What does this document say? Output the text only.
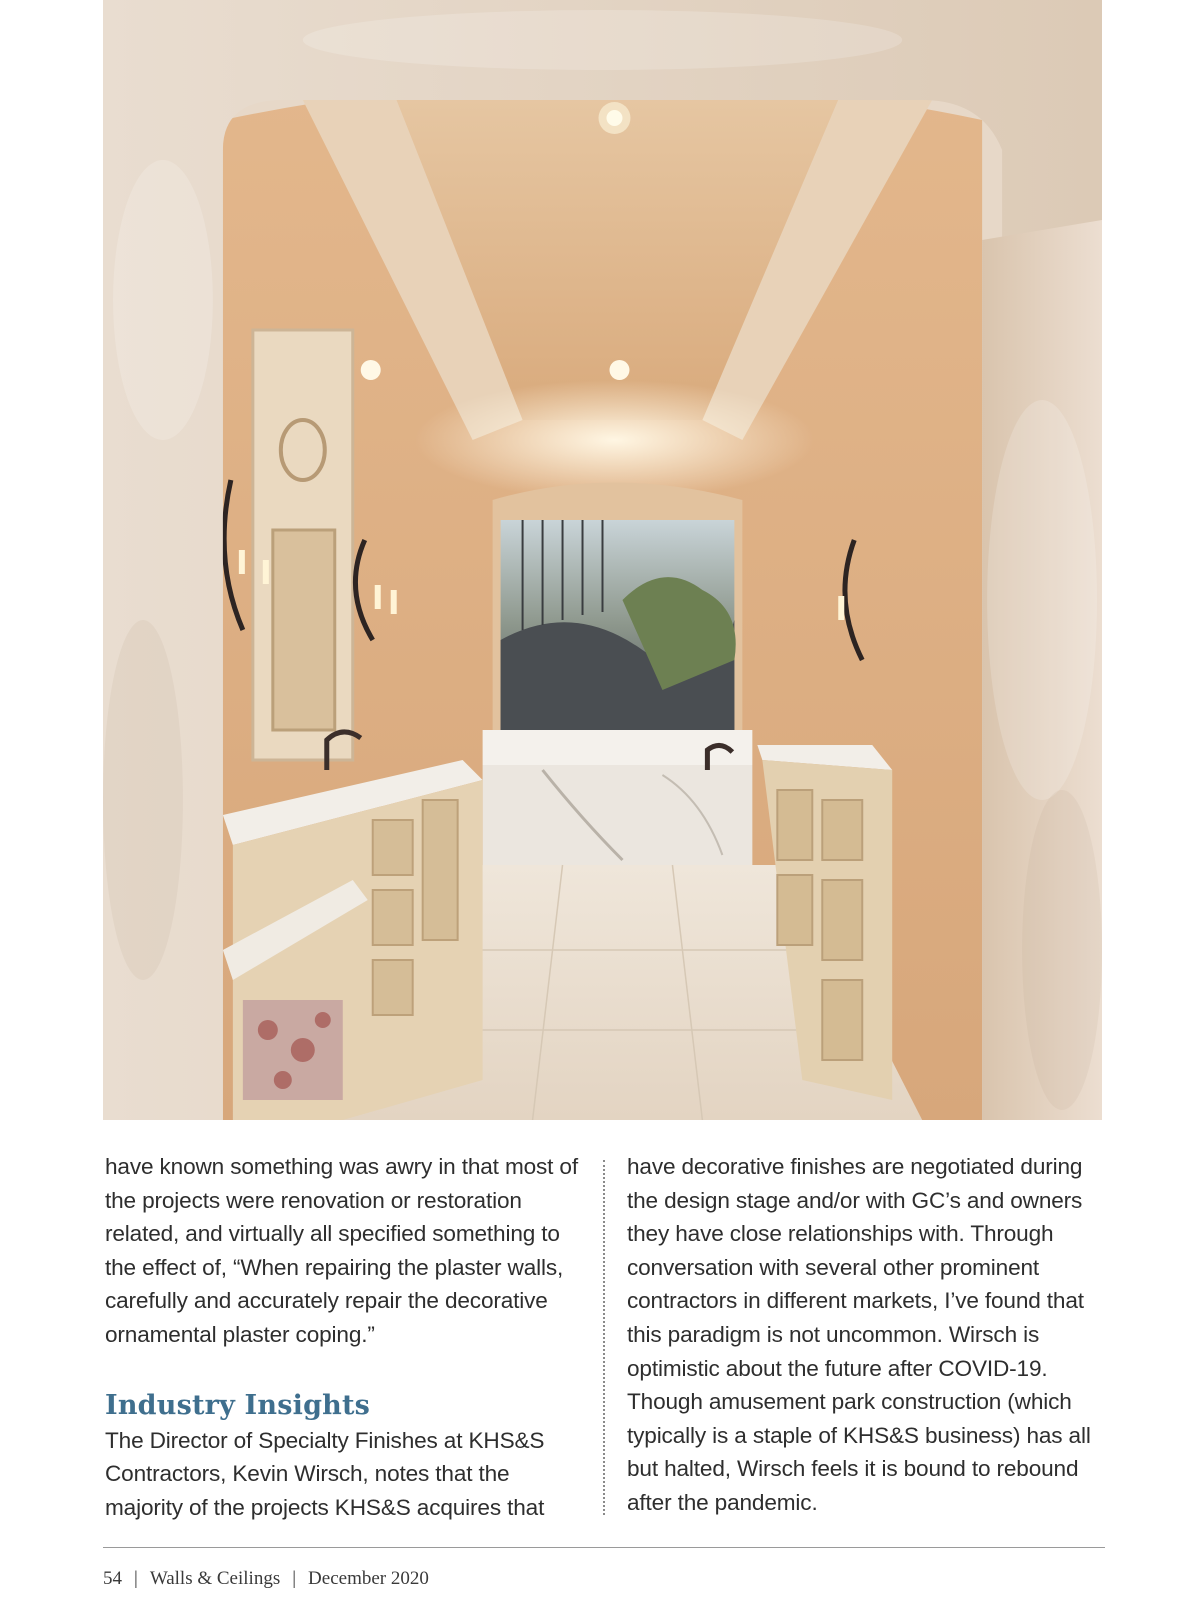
have known something was awry in that most of the projects were renovation or restoration related, and virtually all specified something to the effect of, “When repairing the plaster walls, carefully and accurately repair the decorative ornamental plaster coping.”

Industry Insights

The Director of Specialty Finishes at KHS&S Contractors, Kevin Wirsch, notes that the majority of the projects KHS&S acquires that

have decorative finishes are negotiated during the design stage and/or with GC’s and owners they have close relationships with. Through conversation with several other prominent contractors in different markets, I’ve found that this paradigm is not uncommon. Wirsch is optimistic about the future after COVID-19. Though amusement park construction (which typically is a staple of KHS&S business) has all but halted, Wirsch feels it is bound to rebound after the pandemic.

54 | Walls & Ceilings | December 2020
